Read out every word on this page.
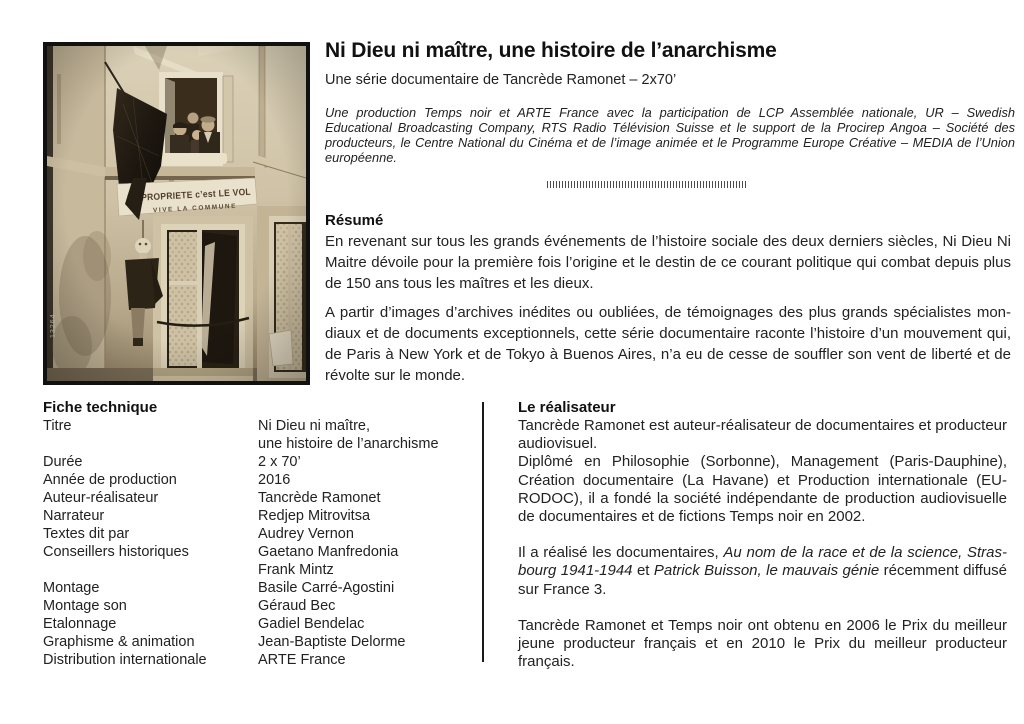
Ni Dieu ni maître, une histoire de l’anarchisme
Une série documentaire de Tancrède Ramonet – 2x70’
Une production Temps noir et ARTE France avec la participation de LCP Assemblée nationale, UR – Swedish Educational Broadcasting Company, RTS Radio Télévision Suisse et le support de la Procirep Angoa – Société des producteurs, le Centre National du Cinéma et de l’image animée et le Programme Europe Créative – MEDIA de l’Union européenne.
Résumé

En revenant sur tous les grands événements de l’histoire sociale des deux derniers siècles, Ni Dieu Ni Maitre dévoile pour la première fois l’origine et le destin de ce courant politique qui combat depuis plus de 150 ans tous les maîtres et les dieux.

A partir d’images d’archives inédites ou oubliées, de témoignages des plus grands spécialistes mondiaux et de documents exceptionnels, cette série documentaire raconte l’histoire d’un mouvement qui, de Paris à New York et de Tokyo à Buenos Aires, n’a eu de cesse de souffler son vent de liberté et de révolte sur le monde.

Fiche technique
Titre	Ni Dieu ni maître,
une histoire de l’anarchisme
Durée	2 x 70’
Année de production	2016
Auteur-réalisateur	Tancrède Ramonet
Narrateur	Redjep Mitrovitsa
Textes dit par	Audrey Vernon
Conseillers historiques	Gaetano Manfredonia
Frank Mintz
Montage	Basile Carré-Agostini
Montage son	Géraud Bec
Etalonnage	Gadiel Bendelac
Graphisme & animation	Jean-Baptiste Delorme
Distribution internationale	ARTE France
Le réalisateur

Tancrède Ramonet est auteur-réalisateur de documentaires et producteur audiovisuel.

Diplômé en Philosophie (Sorbonne), Management (Paris-Dauphine), Création documentaire (La Havane) et Production internationale (EURODOC), il a fondé la société indépendante de production audiovisuelle de documentaires et de fictions Temps noir en 2002.

Il a réalisé les documentaires, Au nom de la race et de la science, Strasbourg 1941-1944 et Patrick Buisson, le mauvais génie récemment diffusé sur France 3.

Tancrède Ramonet et Temps noir ont obtenu en 2006 le Prix du meilleur jeune producteur français et en 2010 le Prix du meilleur producteur français.
